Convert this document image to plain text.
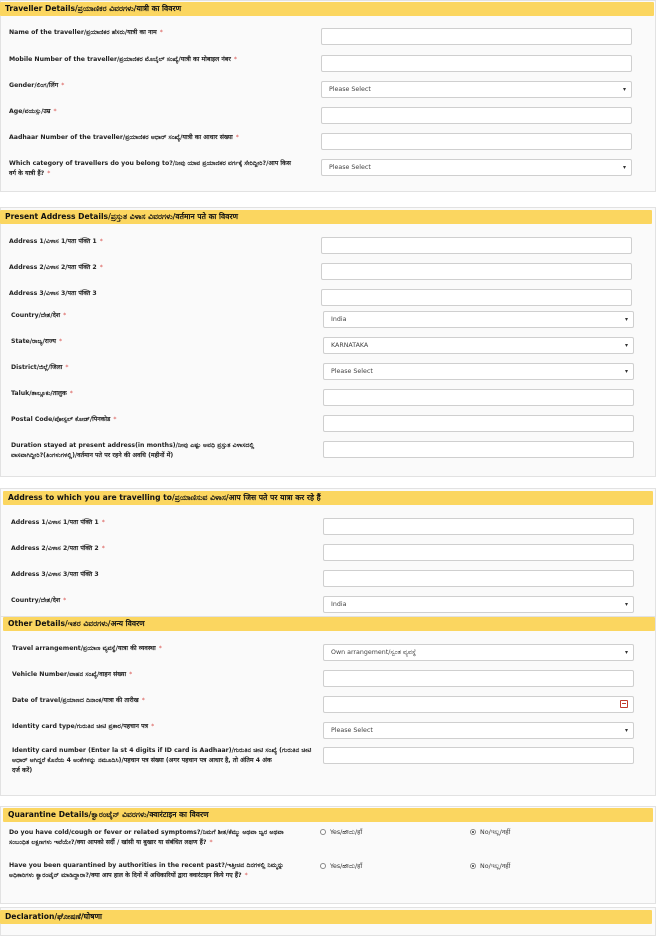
Traveller Details/ಪ್ರಯಾಣಿಕರ ವಿವರಗಳು/यात्री का विवरण
Name of the traveller/ಪ್ರಯಾಣಿಕರ ಹೆಸರು/यात्री का नाम *
Mobile Number of the traveller/ಪ್ರಯಾಣಿಕರ ಮೊಬೈಲ್ ಸಂಖ್ಯೆ/यात्री का मोबाइल नंबर *
Gender/ಲಿಂಗ/लिंग *
Please Select	▾
Age/ವಯಸ್ಸು/उम्र *
Aadhaar Number of the traveller/ಪ್ರಯಾಣಿಕರ ಆಧಾರ್ ಸಂಖ್ಯೆ/यात्री का आधार संख्या *
Which category of travellers do you belong to?/ನೀವು ಯಾವ ಪ್ರಯಾಣಿಕರ ವರ್ಗಕ್ಕೆ ಸೇರಿದ್ದೀರಿ?/आप किस
वर्ग के यात्री हैं? *
Please Select	▾
Present Address Details/ಪ್ರಸ್ತುತ ವಿಳಾಸ ವಿವರಗಳು/वर्तमान पते का विवरण
Address 1/ವಿಳಾಸ 1/पता पंक्ति 1 *
Address 2/ವಿಳಾಸ 2/पता पंक्ति 2 *
Address 3/ವಿಳಾಸ 3/पता पंक्ति 3
Country/ದೇಶ/देश *
India	▾
State/ರಾಜ್ಯ/राज्य *
KARNATAKA	▾
District/ಜಿಲ್ಲೆ/जिला *
Please Select	▾
Taluk/ತಾಲ್ಲೂಕು/तालुक *
Postal Code/ಪೋಸ್ಟಲ್ ಕೋಡ್/पिनकोड *
Duration stayed at present address(in months)/ನೀವು ಎಷ್ಟು ಅವಧಿ ಪ್ರಸ್ತುತ ವಿಳಾಸದಲ್ಲಿ
ವಾಸವಾಗಿದ್ದೀರಿ?(ತಿಂಗಳುಗಳಲ್ಲಿ)/वर्तमान पते पर रहने की अवधि (महीनों में)
Address to which you are travelling to/ಪ್ರಯಾಣಿಸುವ ವಿಳಾಸ/आप जिस पते पर यात्रा कर रहे हैं
Address 1/ವಿಳಾಸ 1/पता पंक्ति 1 *
Address 2/ವಿಳಾಸ 2/पता पंक्ति 2 *
Address 3/ವಿಳಾಸ 3/पता पंक्ति 3
Country/ದೇಶ/देश *
India	▾
Other Details/ಇತರ ವಿವರಗಳು/अन्य विवरण
Travel arrangement/ಪ್ರಯಾಣ ವ್ಯವಸ್ಥೆ/यात्रा की व्यवस्था *
Own arrangement/ಸ್ವಂತ ವ್ಯವಸ್ಥೆ	▾
Vehicle Number/ವಾಹನ ಸಂಖ್ಯೆ/वाहन संख्या *
Date of travel/ಪ್ರಯಾಣದ ದಿನಾಂಕ/यात्रा की तारीख *
Identity card type/ಗುರುತಿನ ಚೀಟಿ ಪ್ರಕಾರ/पहचान पत्र *
Please Select	▾
Identity card number (Enter la st 4 digits if ID card is Aadhaar)/ಗುರುತಿನ ಚೀಟಿ ಸಂಖ್ಯೆ (ಗುರುತಿನ ಚೀಟಿ
ಆಧಾರ್ ಆಗಿದ್ದರೆ ಕೊನೆಯ 4 ಅಂಕೆಗಳನ್ನು ನಮೂದಿಸಿ)/पहचान पत्र संख्या (अगर पहचान पत्र आधार है, तो अंतिम 4 अंक
दर्ज करें)
Quarantine Details/ಕ್ವಾರಂಟೈನ್ ವಿವರಗಳು/क्वारंटाइन का विवरण
Do you have cold/cough or fever or related symptoms?/ನಿಮಗೆ ಶೀತ/ಕೆಮ್ಮು ಅಥವಾ ಜ್ವರ ಅಥವಾ
ಸಂಬಂಧಿತ ಲಕ್ಷಣಗಳು ಇವೆಯೇ?/क्या आपको सर्दी / खांसी या बुखार या संबंधित लक्षण हैं? *
Yes/ಹೌದು/हाँ	No/ಇಲ್ಲ/नहीं
Have you been quarantined by authorities in the recent past?/ಇತ್ತೀಚಿನ ದಿನಗಳಲ್ಲಿ ನಿಮ್ಮನ್ನು
ಅಧಿಕಾರಿಗಳು ಕ್ವಾರಂಟೈನ್ ಮಾಡಿದ್ದಾರಾ?/क्या आप हाल के दिनों में अधिकारियों द्वारा क्वारंटाइन किये गए हैं? *
Yes/ಹೌದು/हाँ	No/ಇಲ್ಲ/नहीं
Declaration/ಘೋಷಣೆ/घोषणा
